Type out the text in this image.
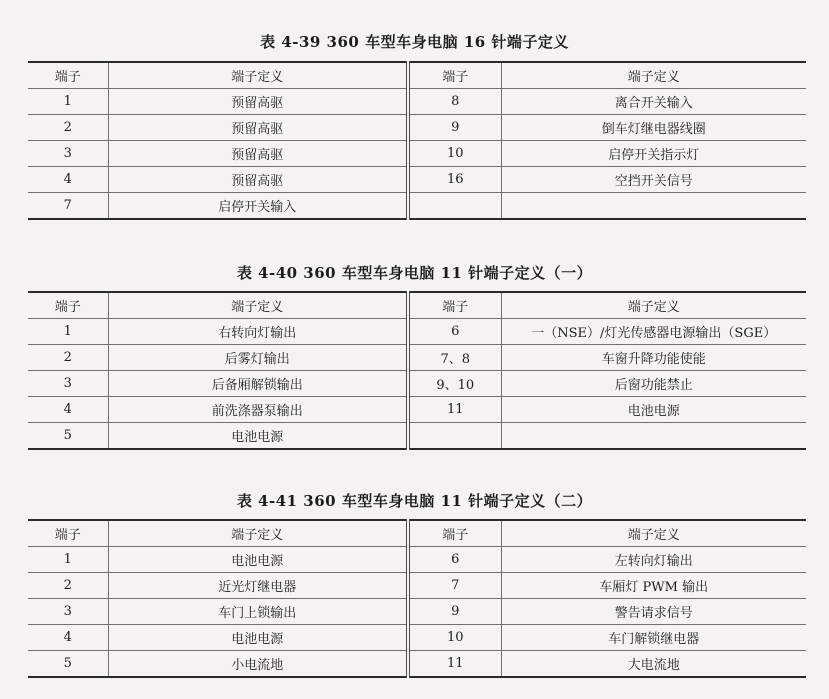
表 4-39 360 车型车身电脑 16 针端子定义
端子	端子定义	端子	端子定义
1	预留高驱	8	离合开关输入
2	预留高驱	9	倒车灯继电器线圈
3	预留高驱	10	启停开关指示灯
4	预留高驱	16	空挡开关信号
7	启停开关输入		
表 4-40 360 车型车身电脑 11 针端子定义（一）
端子	端子定义	端子	端子定义
1	右转向灯输出	6	一（NSE）/灯光传感器电源输出（SGE）
2	后雾灯输出	7、8	车窗升降功能使能
3	后备厢解锁输出	9、10	后窗功能禁止
4	前洗涤器泵输出	11	电池电源
5	电池电源		
表 4-41 360 车型车身电脑 11 针端子定义（二）
端子	端子定义	端子	端子定义
1	电池电源	6	左转向灯输出
2	近光灯继电器	7	车厢灯 PWM 输出
3	车门上锁输出	9	警告请求信号
4	电池电源	10	车门解锁继电器
5	小电流地	11	大电流地
